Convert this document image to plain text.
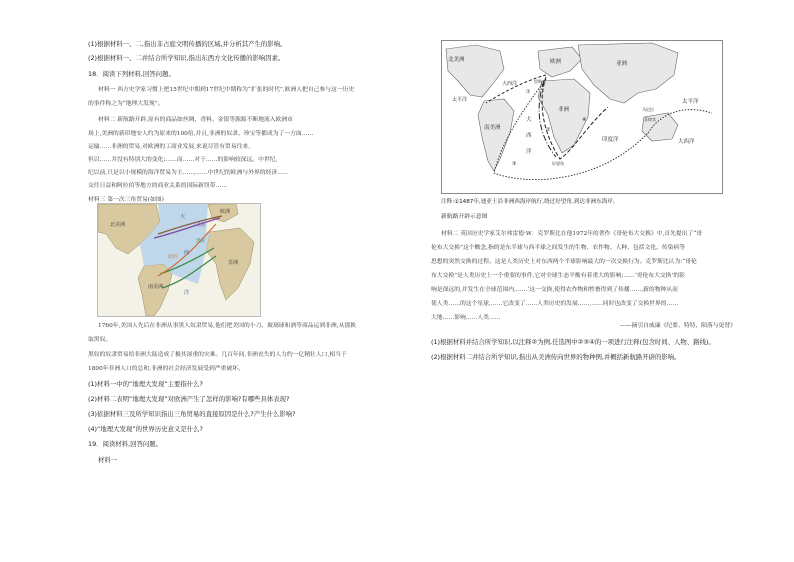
(1)根据材料一、二,指出非占庭文明传播的区域,并分析其产生的影响。
(2)根据材料一、二并结合所学知识,指出东西方文化传播的影响因素。
18．阅读下列材料,回答问题。
材料一 西方史学家习惯上把15世纪中期到17世纪中期称为“扩张的时代”,欧洲人把自己参与这一历史
的事件称之为“地理大发现”。
材料二 新航路开辟,原有的商品如丝绸、香料、金银等源源不断地流入欧洲市
场上,美洲的新印地安人约为原来的100倍,并且,非洲的奴隶、珍宝等都成为了一方面……
运输……非洲的贸易,对欧洲的工商业发展,来说尽管有贸易往来,
但以……并没有特别大的变化;……而……对于……的影响较深远。中世纪,
纪以前,只是以小规模的海洋贸易为主……,……中世纪的欧洲与外界的经济……
交往日益和阿拉伯等地方的商业关系的国际新纽带……
材料三 第一次三角贸易(如图)
欧洲
北美洲
大
西
洋
非洲
南美洲
黑奴
工业品
原料
1760年,美国人先后在非洲从事黑人奴隶贸易,他们把美国的小刀、玻璃球和酒等商品运到非洲,从那换
取黑奴。
黑奴的奴隶贸易给非洲大陆造成了极其深重的灾难。几百年间,非洲丧失的人力约一亿精壮人口,相当于
1800年非洲人口的总和,非洲的社会经济发展受到严重破坏。
(1)材料一中的“地理大发现”主要指什么?
(2)材料二表明“地理大发现”对欧洲产生了怎样的影响?有哪些具体表现?
(3)依据材料三及所学知识指出三角贸易的直接原因是什么?产生什么影响?
(4)“地理大发现”的世界历史意义是什么?
19．阅读材料,回答问题。
材料一
北美洲	欧洲	亚洲
非洲
南美洲
印度洋
太平洋
大西洋
大西洋
太平洋
大
西
洋
里斯本
好望角
马尼拉
菲律宾
①
②
③
④
注释:①1487年,迪亚士沿非洲西海岸航行,绕过好望角,到达非洲东海岸。
新航路开辟示意图
材料二 英国历史学家艾尔弗雷德·W．克罗斯比在他1972年的著作《哥伦布大交换》中,首先提出了“哥
伦布大交换”这个概念,指的是东半球与西半球之间发生的生物、农作物、人种、包括文化、传染病等
思想的突然交换的过程。这是人类历史上对东西两个半球影响最大的一次交换行为。克罗斯比认为:“哥伦
布大交换”是人类历史上一个重要的事件,它对全球生态平衡有着重大的影响;……‘哥伦布大交换’的影
响是深远的,并发生在全球范围内,……‘这一交换,使得农作物和牲畜得到了传播……,新的物种从而
使人类……的这个星球,……它改变了……人类历史的发展……,……同时也改变了交换世界的……
大地……影响……人类……
——摘引自威廉《纪要、特特、陨落与更替》
(1)根据材料并结合所学知识,以注释②为例,任选图中②③④的一项进行注释(包含时间、人物、路线)。
(2)根据材料二并结合所学知识,指出从美洲传向世界的物种例,并概括新航路开辟的影响。
